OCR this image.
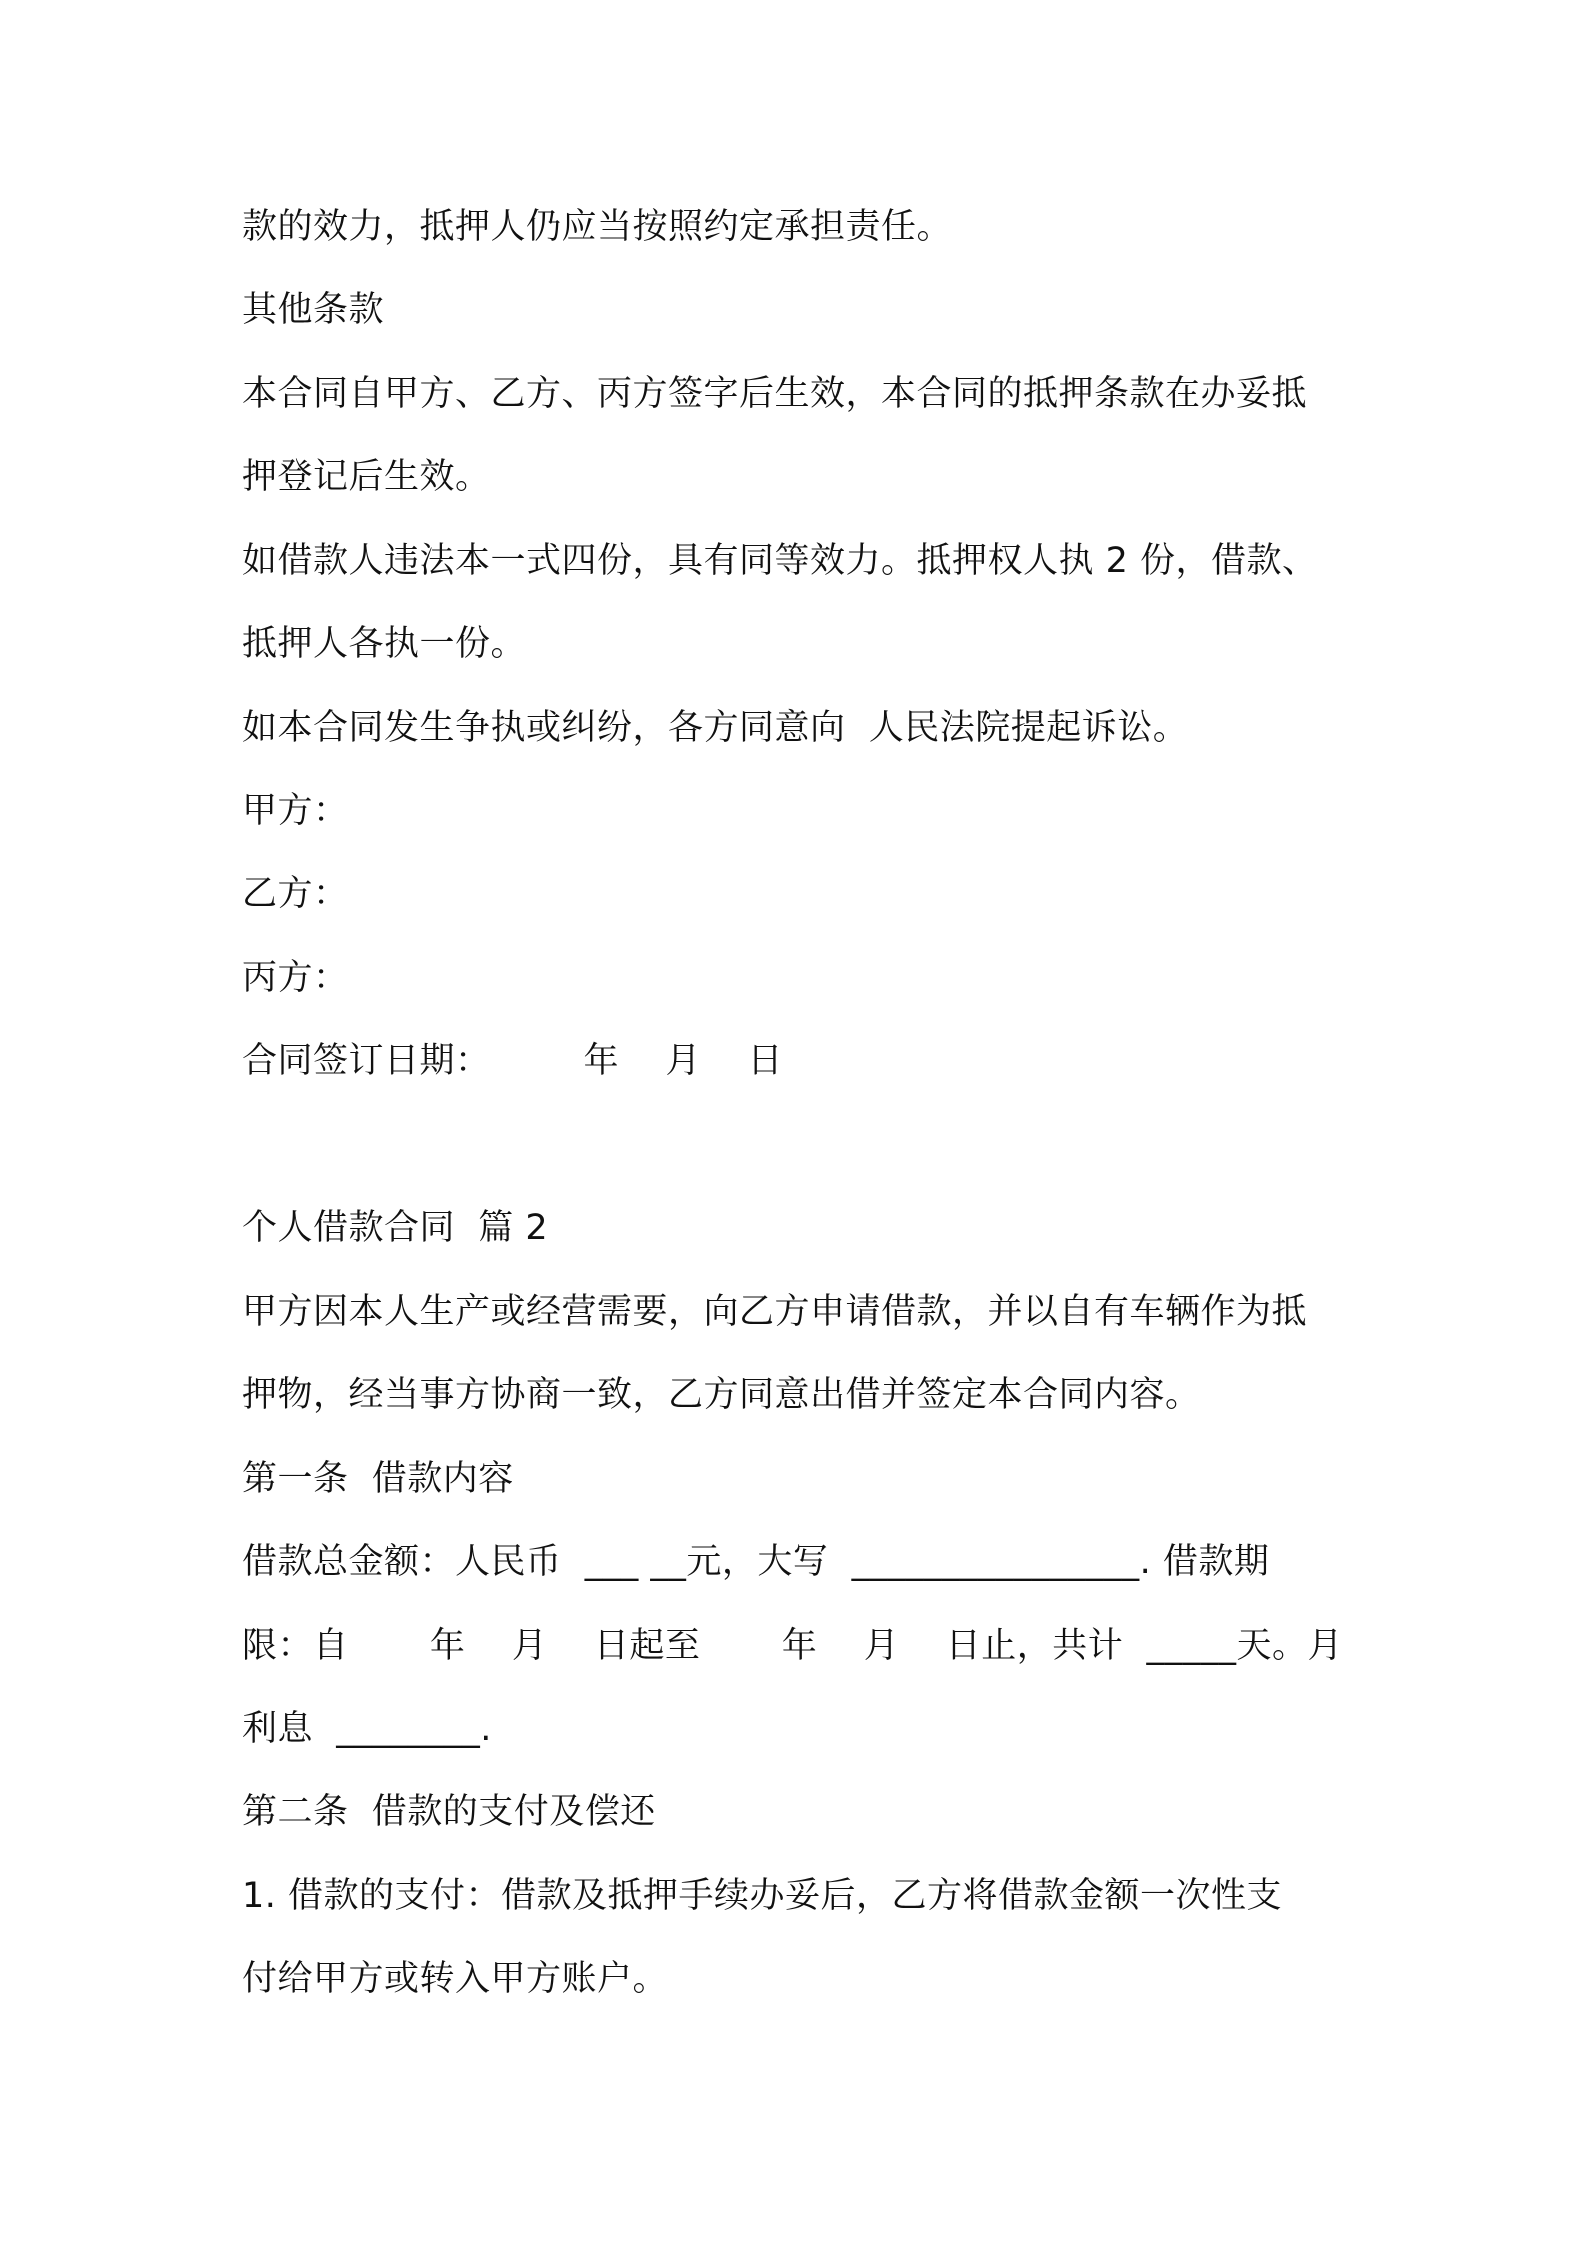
款的效力，抵押人仍应当按照约定承担责任。

其他条款

本合同自甲方、乙方、丙方签字后生效，本合同的抵押条款在办妥抵

押登记后生效。

如借款人违法本一式四份，具有同等效力。抵押权人执 2 份，借款、

抵押人各执一份。

如本合同发生争执或纠纷，各方同意向  人民法院提起诉讼。

甲方：

乙方：

丙方：

合同签订日期：        年    月    日

个人借款合同  篇 2

甲方因本人生产或经营需要，向乙方申请借款，并以自有车辆作为抵

押物，经当事方协商一致，乙方同意出借并签定本合同内容。

第一条  借款内容

借款总金额：人民币  ___ __元，大写  ________________. 借款期

限：自       年    月    日起至       年    月    日止，共计  _____天。月

利息  ________.

第二条  借款的支付及偿还

1. 借款的支付：借款及抵押手续办妥后，乙方将借款金额一次性支

付给甲方或转入甲方账户。
